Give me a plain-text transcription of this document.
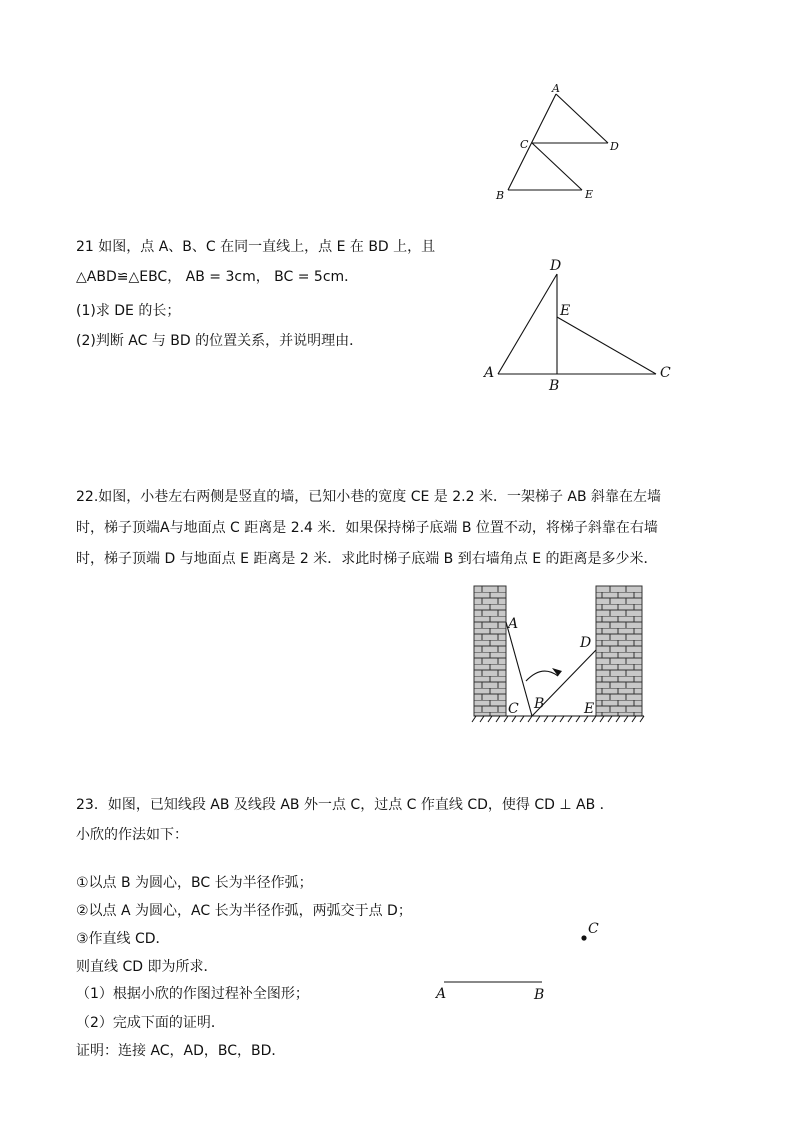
A
C	D
B	E
21 如图，点 A、B、C 在同一直线上，点 E 在 BD 上，且
△ABD≌△EBC， AB = 3cm， BC = 5cm．
(1)求 DE 的长；
(2)判断 AC 与 BD 的位置关系，并说明理由．
D
E
A
B
C
22.如图，小巷左右两侧是竖直的墙，已知小巷的宽度 CE 是 2.2 米．一架梯子 AB 斜靠在左墙
时，梯子顶端A与地面点 C 距离是 2.4 米．如果保持梯子底端 B 位置不动，将梯子斜靠在右墙
时，梯子顶端 D 与地面点 E 距离是 2 米．求此时梯子底端 B 到右墙角点 E 的距离是多少米．
A
D
B
C	E
23．如图，已知线段 AB 及线段 AB 外一点 C，过点 C 作直线 CD，使得 CD ⊥ AB ．
小欣的作法如下：
①以点 B 为圆心，BC 长为半径作弧；
②以点 A 为圆心，AC 长为半径作弧，两弧交于点 D；
③作直线 CD．
则直线 CD 即为所求．
（1）根据小欣的作图过程补全图形；
（2）完成下面的证明．
证明：连接 AC，AD，BC，BD．
C
A	B
